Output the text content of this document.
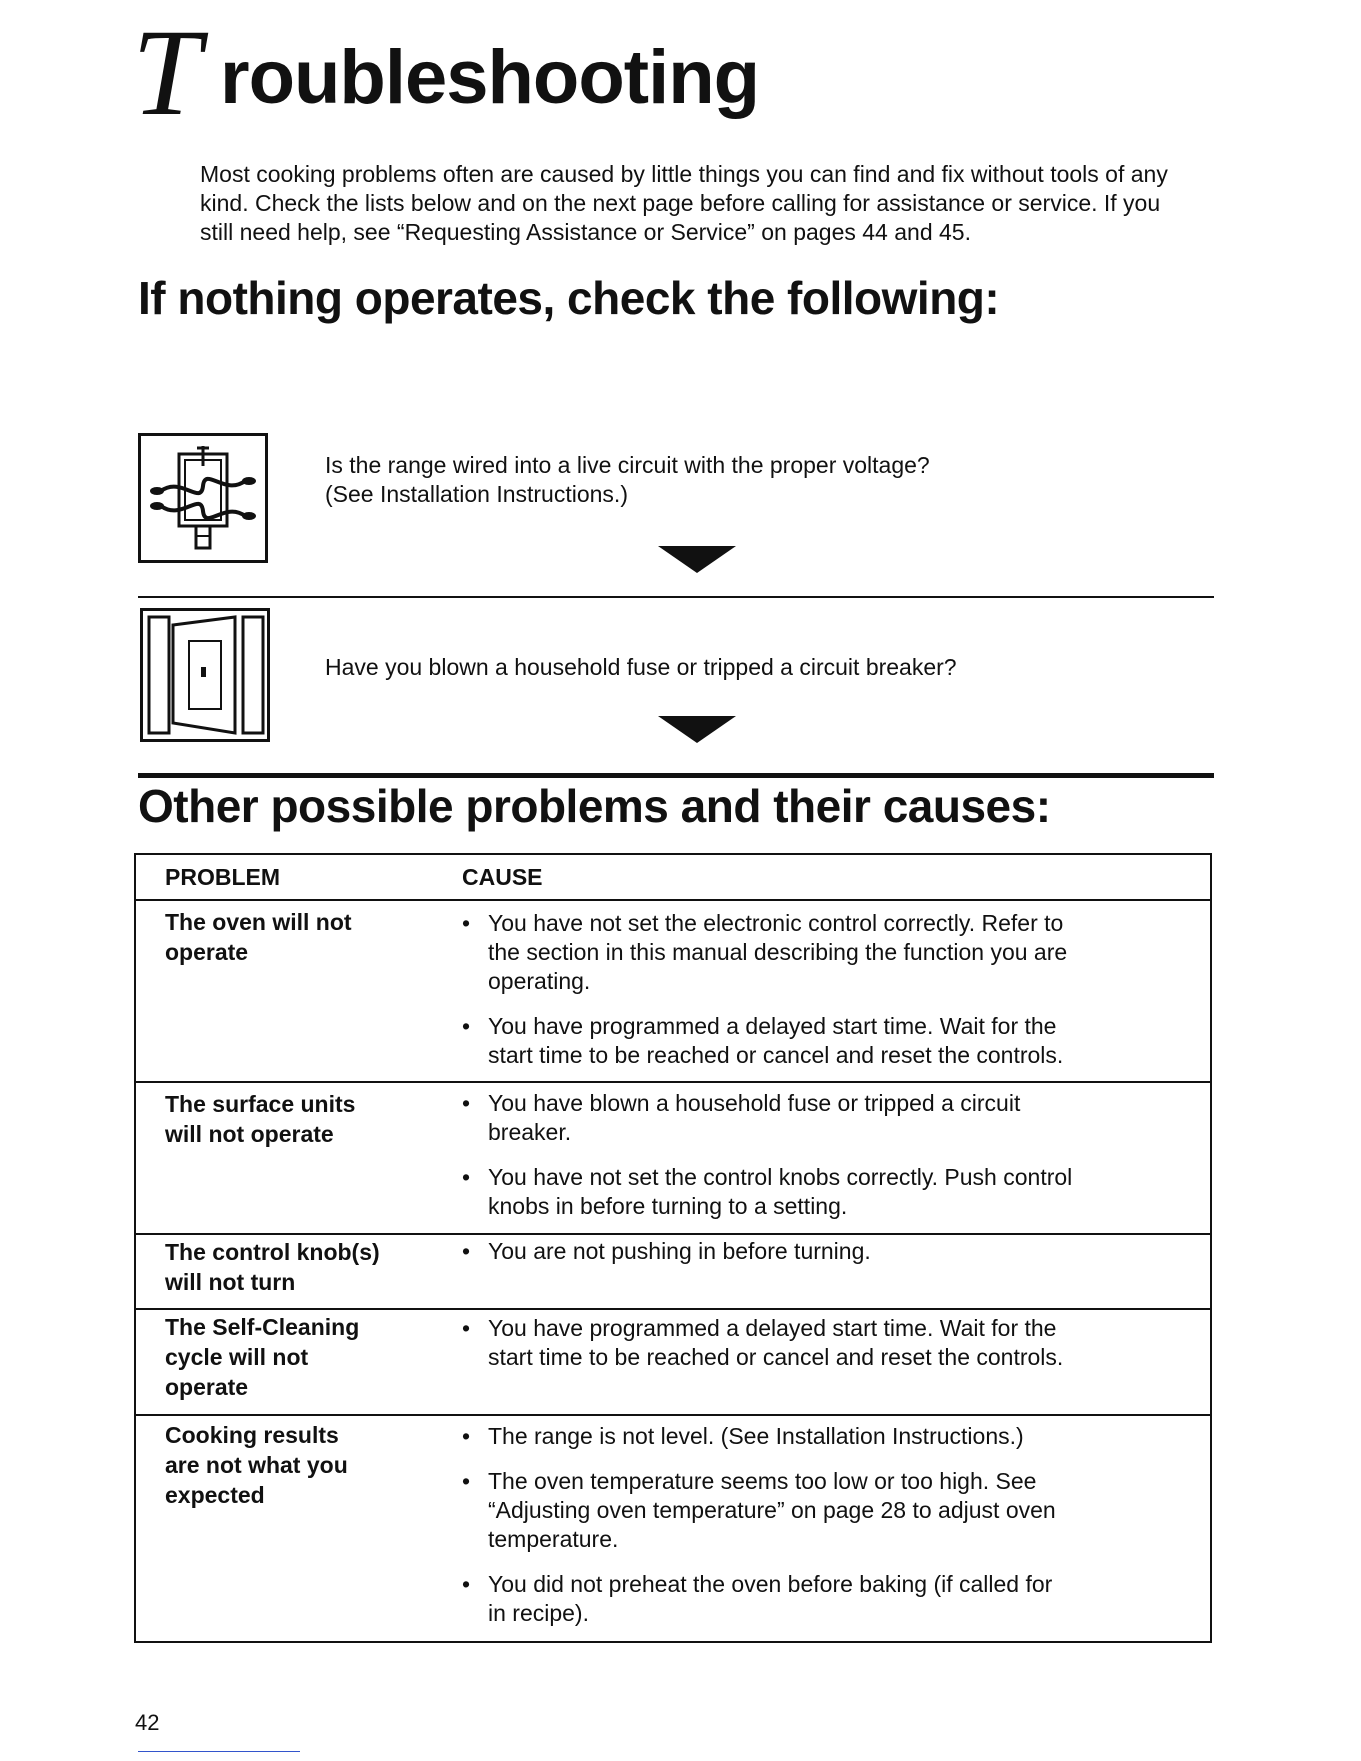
T roubleshooting
Most cooking problems often are caused by little things you can find and fix without tools of any kind. Check the lists below and on the next page before calling for assistance or service. If you still need help, see “Requesting Assistance or Service” on pages 44 and 45.
If nothing operates, check the following:
Is the range wired into a live circuit with the proper voltage?
(See Installation Instructions.)
Have you blown a household fuse or tripped a circuit breaker?
Other possible problems and their causes:
PROBLEM	CAUSE
The oven will not
operate
• You have not set the electronic control correctly. Refer to
the section in this manual describing the function you are
operating.
• You have programmed a delayed start time. Wait for the
start time to be reached or cancel and reset the controls.
The surface units
will not operate
• You have blown a household fuse or tripped a circuit
breaker.
• You have not set the control knobs correctly. Push control
knobs in before turning to a setting.
The control knob(s)
will not turn
• You are not pushing in before turning.
The Self-Cleaning
cycle will not
operate
• You have programmed a delayed start time. Wait for the
start time to be reached or cancel and reset the controls.
Cooking results
are not what you
expected
• The range is not level. (See Installation Instructions.)
• The oven temperature seems too low or too high. See
“Adjusting oven temperature” on page 28 to adjust oven
temperature.
• You did not preheat the oven before baking (if called for
in recipe).
42
